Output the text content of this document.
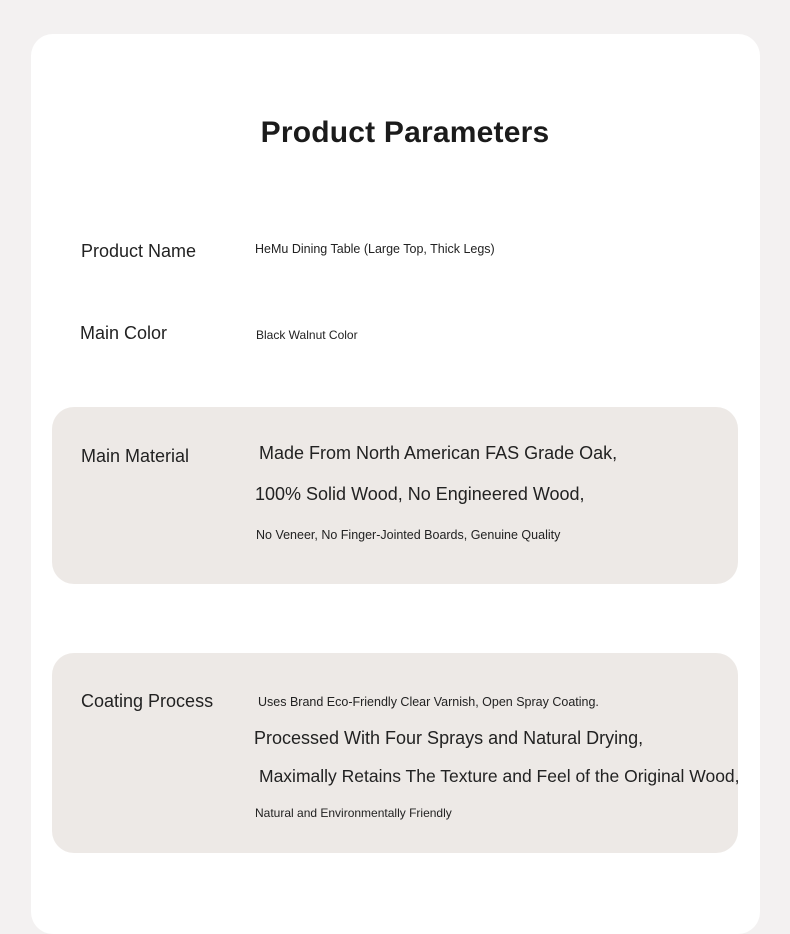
Product Parameters
Product Name	HeMu Dining Table (Large Top, Thick Legs)
Main Color	Black Walnut Color
Main Material	Made From North American FAS Grade Oak,
100% Solid Wood, No Engineered Wood,
No Veneer, No Finger-Jointed Boards, Genuine Quality
Coating Process	Uses Brand Eco-Friendly Clear Varnish, Open Spray Coating.
Processed With Four Sprays and Natural Drying,
Maximally Retains The Texture and Feel of the Original Wood,
Natural and Environmentally Friendly
